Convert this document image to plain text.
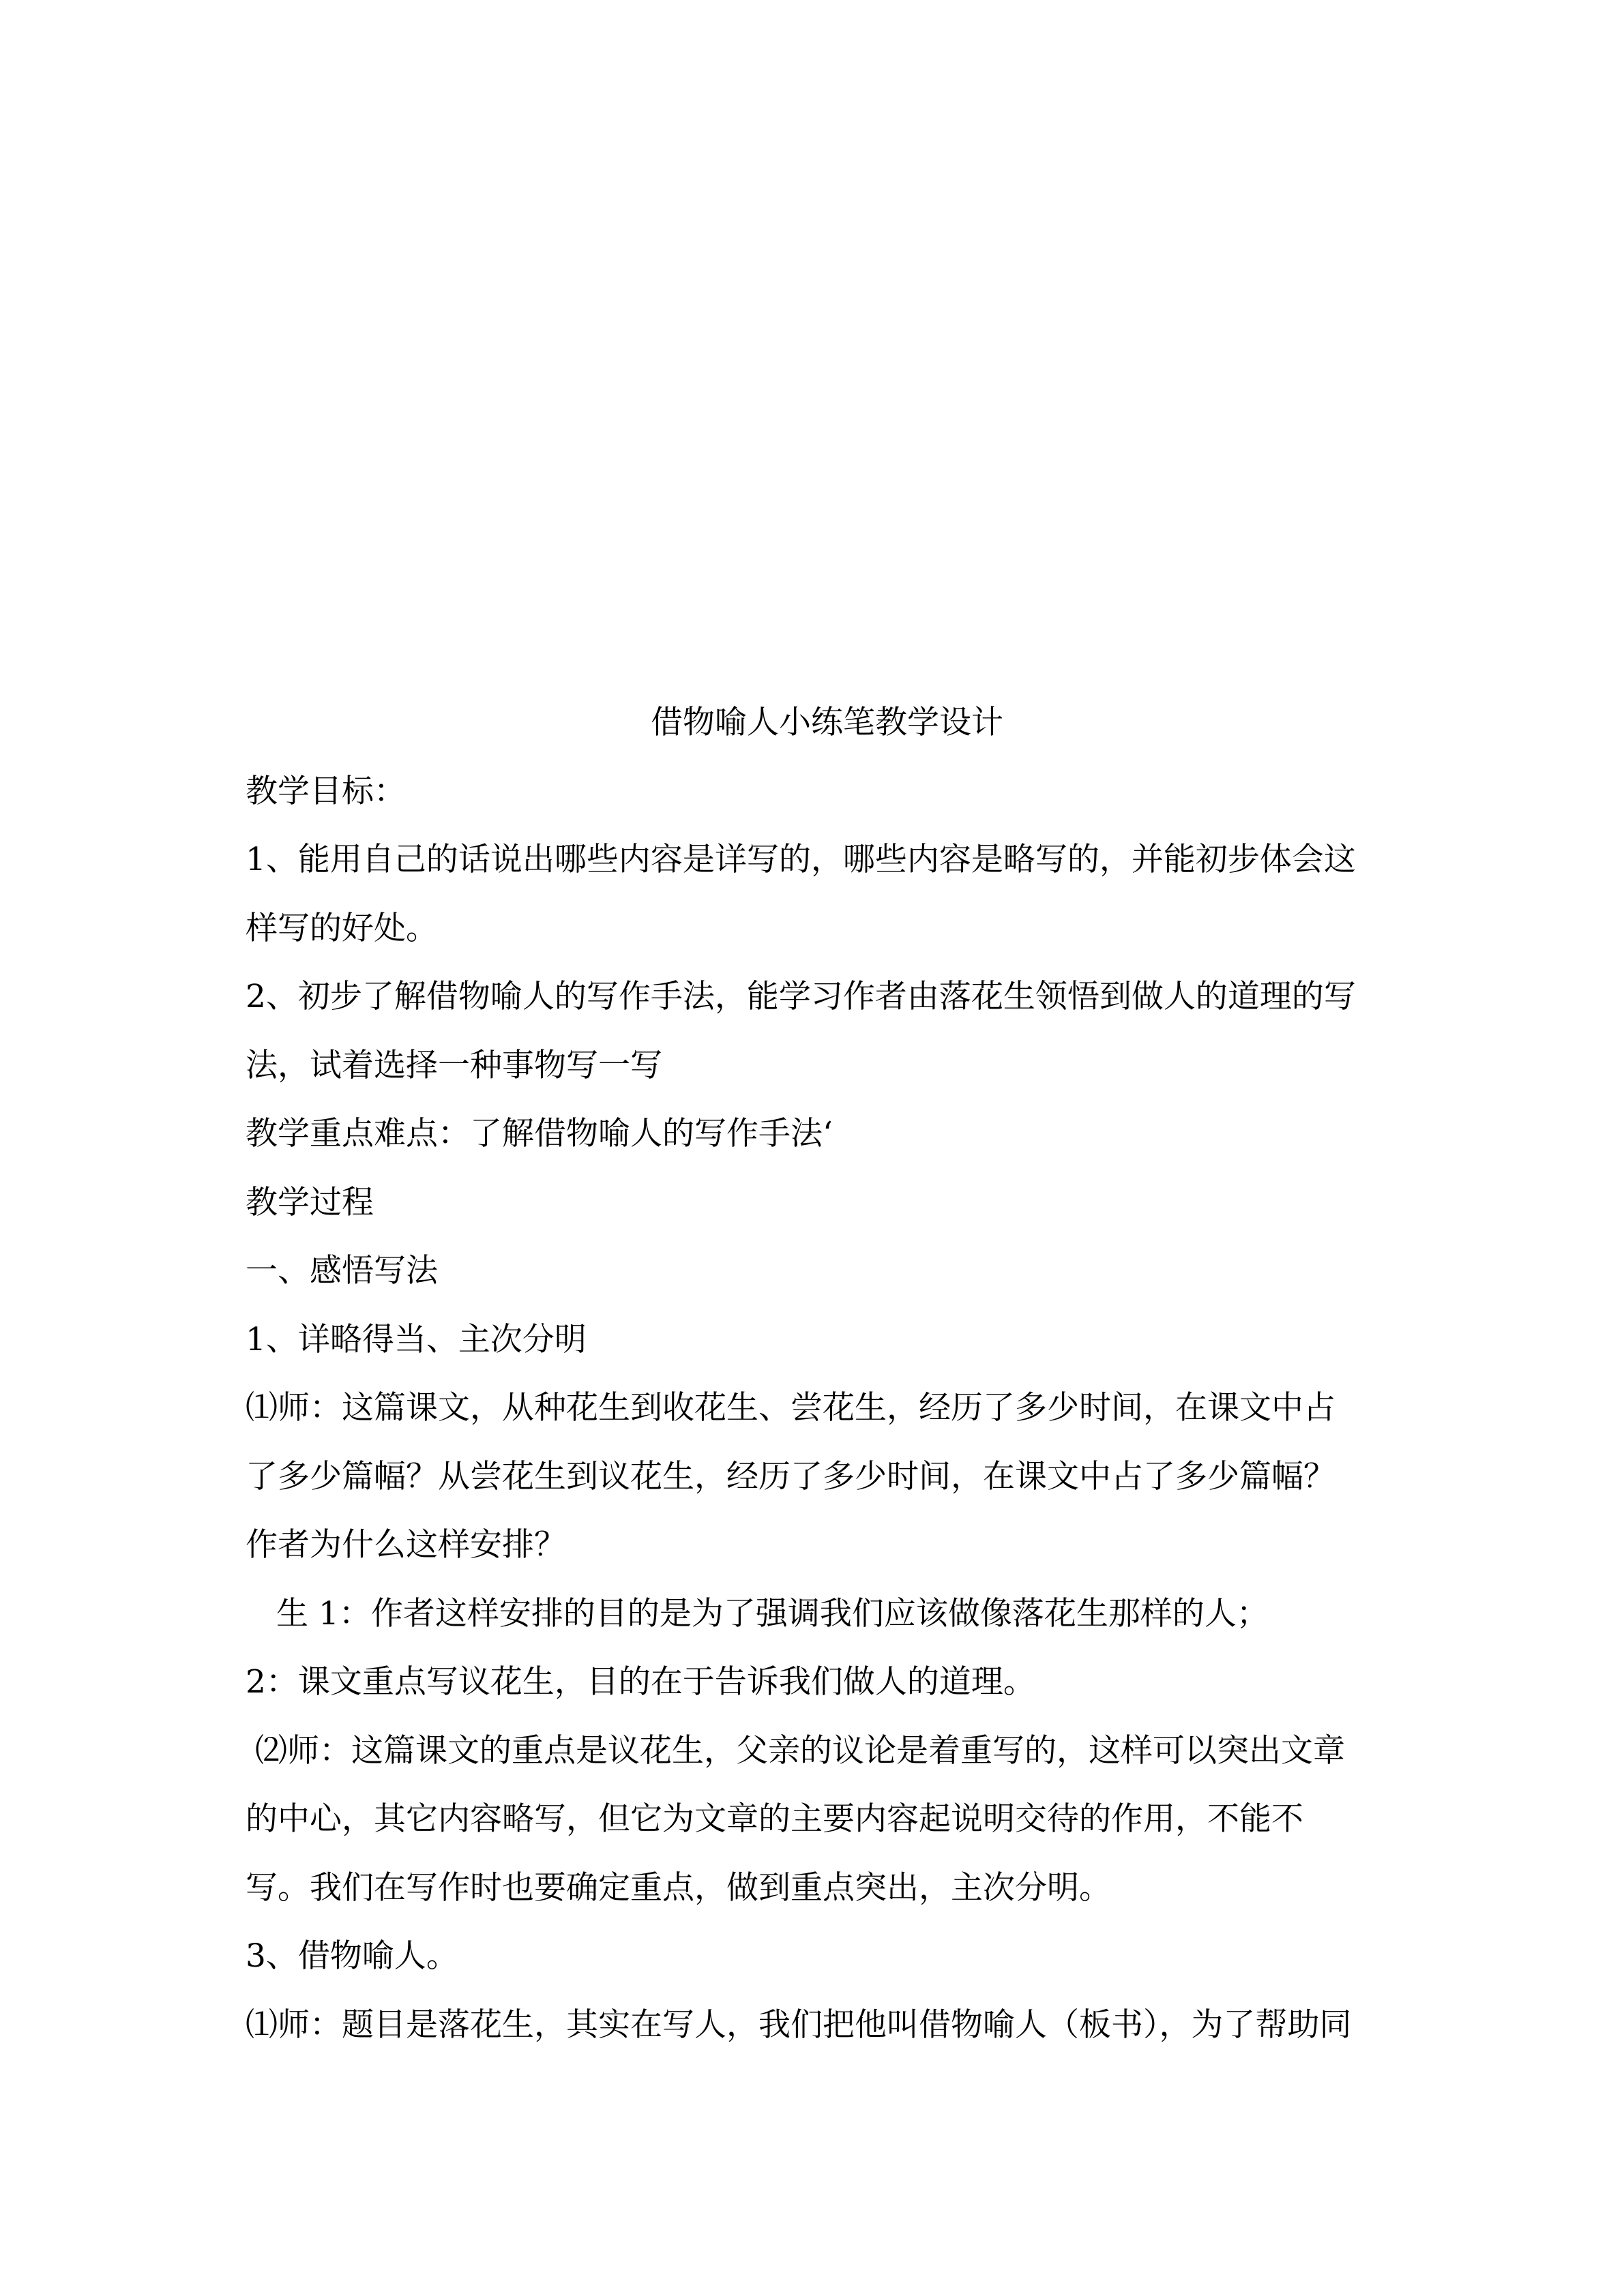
借物喻人小练笔教学设计
教学目标：
1、能用自己的话说出哪些内容是详写的，哪些内容是略写的，并能初步体会这
样写的好处。
2、初步了解借物喻人的写作手法，能学习作者由落花生领悟到做人的道理的写
法，试着选择一种事物写一写
教学重点难点：了解借物喻人的写作手法‘
教学过程
一、感悟写法
1、详略得当、主次分明
⑴师：这篇课文，从种花生到收花生、尝花生，经历了多少时间，在课文中占
了多少篇幅？从尝花生到议花生，经历了多少时间，在课文中占了多少篇幅？
作者为什么这样安排？
生 1：作者这样安排的目的是为了强调我们应该做像落花生那样的人；
2：课文重点写议花生，目的在于告诉我们做人的道理。
⑵师：这篇课文的重点是议花生，父亲的议论是着重写的，这样可以突出文章
的中心，其它内容略写，但它为文章的主要内容起说明交待的作用，不能不
写。我们在写作时也要确定重点，做到重点突出，主次分明。
3、借物喻人。
⑴师：题目是落花生，其实在写人，我们把他叫借物喻人（板书），为了帮助同
